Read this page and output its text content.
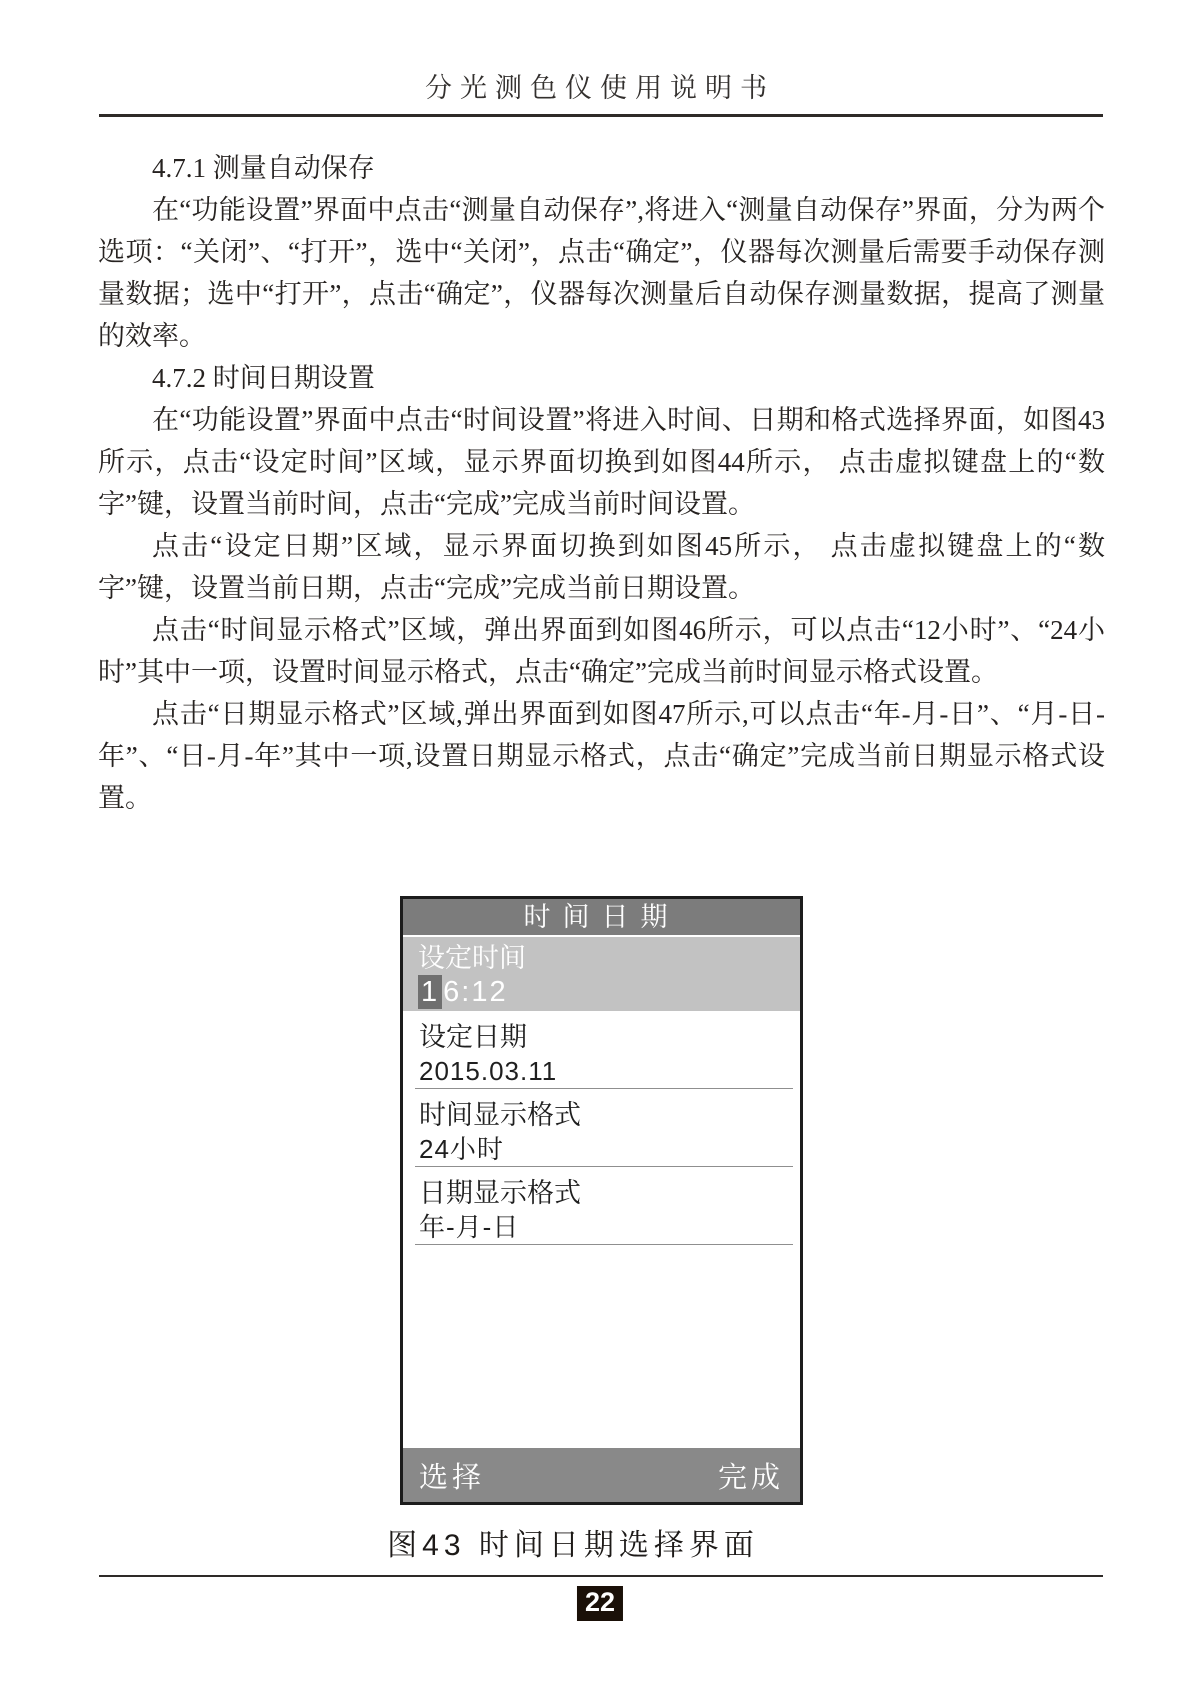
分光测色仪使用说明书

4.7.1 测量自动保存

在“功能设置”界面中点击“测量自动保存”,将进入“测量自动保存”界面，分为两个选项：“关闭”、“打开”，选中“关闭”，点击“确定”，仪器每次测量后需要手动保存测量数据；选中“打开”，点击“确定”，仪器每次测量后自动保存测量数据，提高了测量的效率。

4.7.2 时间日期设置

在“功能设置”界面中点击“时间设置”将进入时间、日期和格式选择界面，如图43所示，点击“设定时间”区域，显示界面切换到如图44所示， 点击虚拟键盘上的“数字”键，设置当前时间，点击“完成”完成当前时间设置。

点击“设定日期”区域，显示界面切换到如图45所示， 点击虚拟键盘上的“数字”键，设置当前日期，点击“完成”完成当前日期设置。

点击“时间显示格式”区域，弹出界面到如图46所示，可以点击“12小时”、“24小时”其中一项，设置时间显示格式，点击“确定”完成当前时间显示格式设置。

点击“日期显示格式”区域,弹出界面到如图47所示,可以点击“年-月-日”、“月-日-年”、“日-月-年”其中一项,设置日期显示格式，点击“确定”完成当前日期显示格式设置。

时间日期
设定时间
1 6:12
设定日期
2015.03.11
时间显示格式
24小时
日期显示格式
年-月-日
选择	完成
图43 时间日期选择界面
22
